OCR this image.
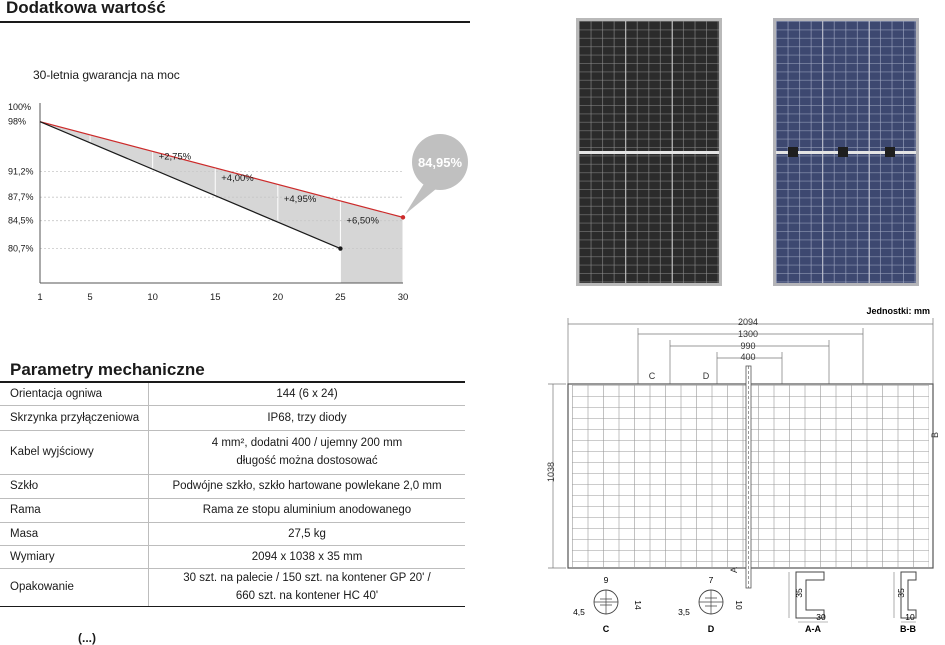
Dodatkowa wartość
30-letnia gwarancja na moc
84,95%
+2,75%
+4,00%
+4,95%
+6,50%
100%
98%
91,2%
87,7%
84,5%
80,7%
1	5	10	15	20	25	30
Parametry mechaniczne
Orientacja ogniwa	144 (6 x 24)
Skrzynka przyłączeniowa	IP68, trzy diody
Kabel wyjściowy	4 mm², dodatni 400 / ujemny 200 mm
długość można dostosować

Szkło	Podwójne szkło, szkło hartowane powlekane 2,0 mm
Rama	Rama ze stopu aluminium anodowanego
Masa	27,5 kg
Wymiary	2094 x 1038 x 35 mm
Opakowanie	30 szt. na palecie / 150 szt. na kontener GP 20' /
660 szt. na kontener HC 40'
(...)
Jednostki: mm
2094
1300
990
400
1038
C	D
A
B
9
4,5
14
C
7
3,5
10
D
35
30
A-A
35
10
B-B
